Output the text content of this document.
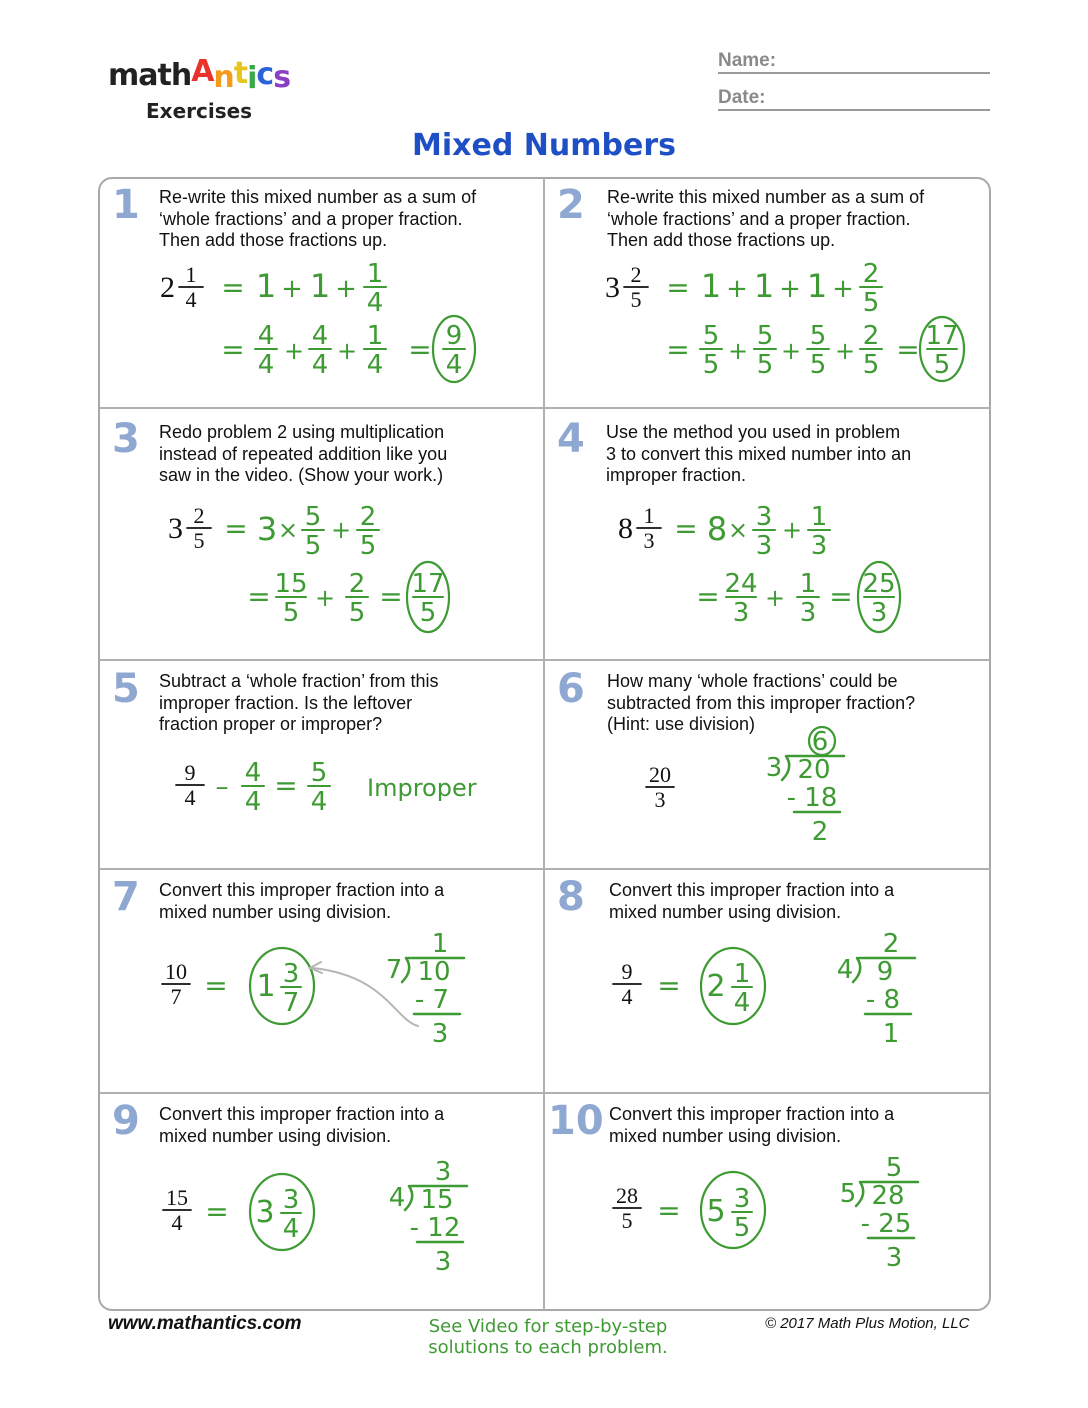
mathAntics
Exercises
Name:
Date:
Mixed Numbers
1 Re-write this mixed number as a sum of
‘whole fractions’ and a proper fraction.
Then add those fractions up.
2 Re-write this mixed number as a sum of
‘whole fractions’ and a proper fraction.
Then add those fractions up.
3 Redo problem 2 using multiplication
instead of repeated addition like you
saw in the video. (Show your work.)
4 Use the method you used in problem
3 to convert this mixed number into an
improper fraction.
5 Subtract a ‘whole fraction’ from this
improper fraction. Is the leftover
fraction proper or improper?
6 How many ‘whole fractions’ could be
subtracted from this improper fraction?
(Hint: use division)
7 Convert this improper fraction into a
mixed number using division.	8 Convert this improper fraction into a
mixed number using division.
9 Convert this improper fraction into a
mixed number using division.	10 Convert this improper fraction into a
mixed number using division.
2 1
4 = 1 + 1 + 1
4
= 4
4 + 4
4 + 1
4 = 9
4
3 2
5 = 1 + 1 + 1 + 2
5
= 5
5 + 5
5 + 5
5 + 2
5 = 17
5
3 2
5 = 3 × 5
5
+ 2
5
= 15
5 + 2
5 = 17
5
8 1
3 = 8 × 3
3
+ 1
3
= 24
3 + 1
3 = 25
3
9
4 – 4
4 = 5
4 Improper	20
3
6
3 20
- 18
2
10
7 = 1 3
7
1
7 10
- 7
3
9
4 = 2 1
4
2
4 9
- 8
1
15
4 = 3 3
4
3
4 15
- 12
3
28
5 = 5 3
5
5
5 28
- 25
3
www.mathantics.com	See Video for step-by-step
solutions to each problem.
© 2017 Math Plus Motion, LLC
